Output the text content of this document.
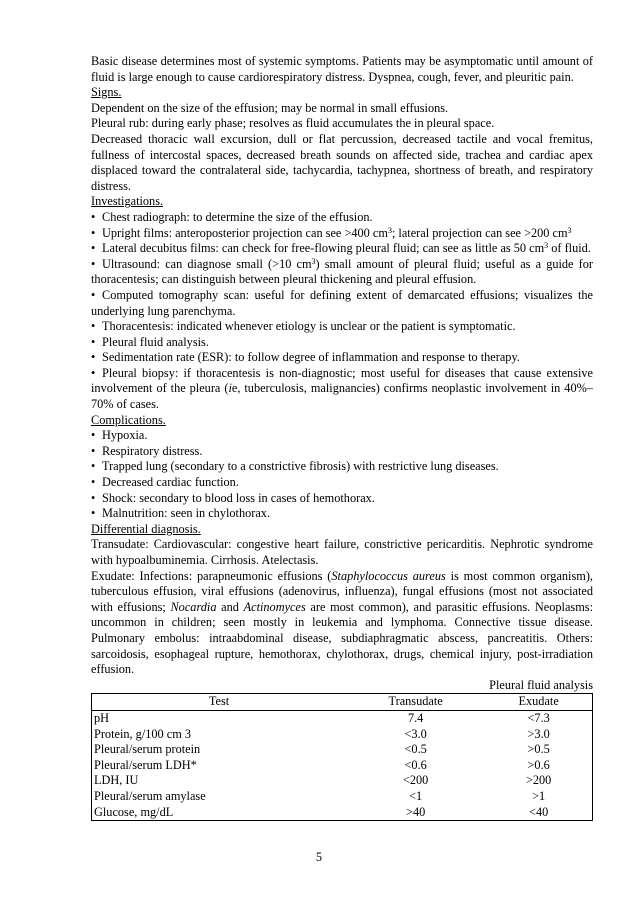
Basic disease determines most of systemic symptoms. Patients may be asymptomatic until amount of fluid is large enough to cause cardiorespiratory distress. Dyspnea, cough, fever, and pleuritic pain.

Signs.

Dependent on the size of the effusion; may be normal in small effusions.

Pleural rub: during early phase; resolves as fluid accumulates the in pleural space.

Decreased thoracic wall excursion, dull or flat percussion, decreased tactile and vocal fremitus, fullness of intercostal spaces, decreased breath sounds on affected side, trachea and cardiac apex displaced toward the contralateral side, tachycardia, tachypnea, shortness of breath, and respiratory distress.

Investigations.

• Chest radiograph: to determine the size of the effusion.

• Upright films: anteroposterior projection can see >400 $cm^3$; lateral projection can see >200 $cm^3$

• Lateral decubitus films: can check for free-flowing pleural fluid; can see as little as 50 $cm^3$ of fluid.

• Ultrasound: can diagnose small (>10 $cm^3$) small amount of pleural fluid; useful as a guide for thoracentesis; can distinguish between pleural thickening and pleural effusion.

• Computed tomography scan: useful for defining extent of demarcated effusions; visualizes the underlying lung parenchyma.

• Thoracentesis: indicated whenever etiology is unclear or the patient is symptomatic.

• Pleural fluid analysis.

• Sedimentation rate (ESR): to follow degree of inflammation and response to therapy.

• Pleural biopsy: if thoracentesis is non-diagnostic; most useful for diseases that cause extensive involvement of the pleura (ie, tuberculosis, malignancies) confirms neoplastic involvement in 40%– 70% of cases.

Complications.

• Hypoxia.

• Respiratory distress.

• Trapped lung (secondary to a constrictive fibrosis) with restrictive lung diseases.

• Decreased cardiac function.

• Shock: secondary to blood loss in cases of hemothorax.

• Malnutrition: seen in chylothorax.

Differential diagnosis.

Transudate: Cardiovascular: congestive heart failure, constrictive pericarditis. Nephrotic syndrome with hypoalbuminemia. Cirrhosis. Atelectasis.

Exudate: Infections: parapneumonic effusions (Staphylococcus aureus is most common organism), tuberculous effusion, viral effusions (adenovirus, influenza), fungal effusions (most not associated with effusions; Nocardia and Actinomyces are most common), and parasitic effusions. Neoplasms: uncommon in children; seen mostly in leukemia and lymphoma. Connective tissue disease. Pulmonary embolus: intraabdominal disease, subdiaphragmatic abscess, pancreatitis. Others: sarcoidosis, esophageal rupture, hemothorax, chylothorax, drugs, chemical injury, post-irradiation effusion.

Pleural fluid analysis

Test	Transudate	Exudate
pH	7.4	<7.3
Protein, g/100 cm 3	<3.0	>3.0
Pleural/serum protein	<0.5	>0.5
Pleural/serum LDH*	<0.6	>0.6
LDH, IU	<200	>200
Pleural/serum amylase	<1	>1
Glucose, mg/dL	>40	<40
5
